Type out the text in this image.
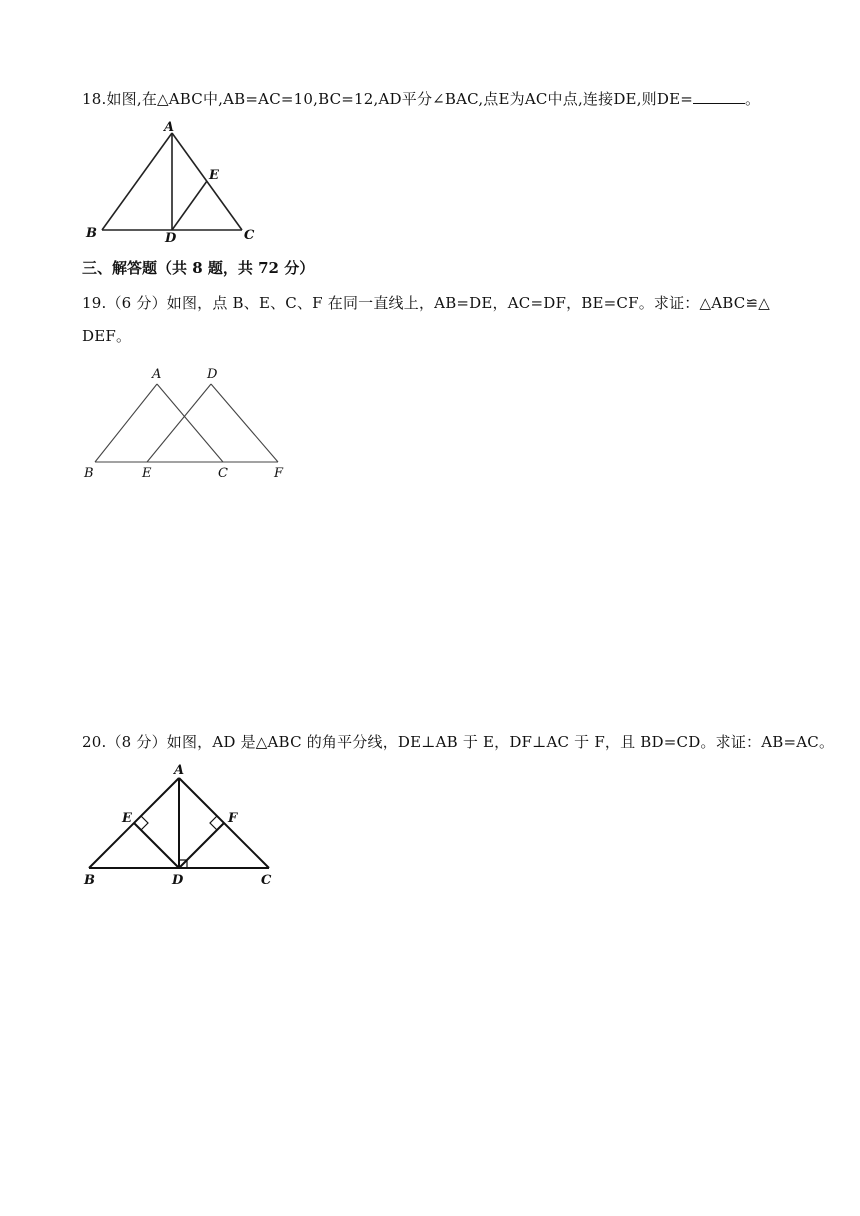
18.如图,在△ABC中,AB=AC=10,BC=12,AD平分∠BAC,点E为AC中点,连接DE,则DE=	。
A
B	C
D
E
三、解答题（共 8 题，共 72 分）
19.（6 分）如图，点 B、E、C、F 在同一直线上，AB=DE，AC=DF，BE=CF。求证：△ABC≌△
DEF。
A	D
B	E	C	F
20.（8 分）如图，AD 是△ABC 的角平分线，DE⊥AB 于 E，DF⊥AC 于 F，且 BD=CD。求证：AB=AC。
A
B	C
D
E	F
